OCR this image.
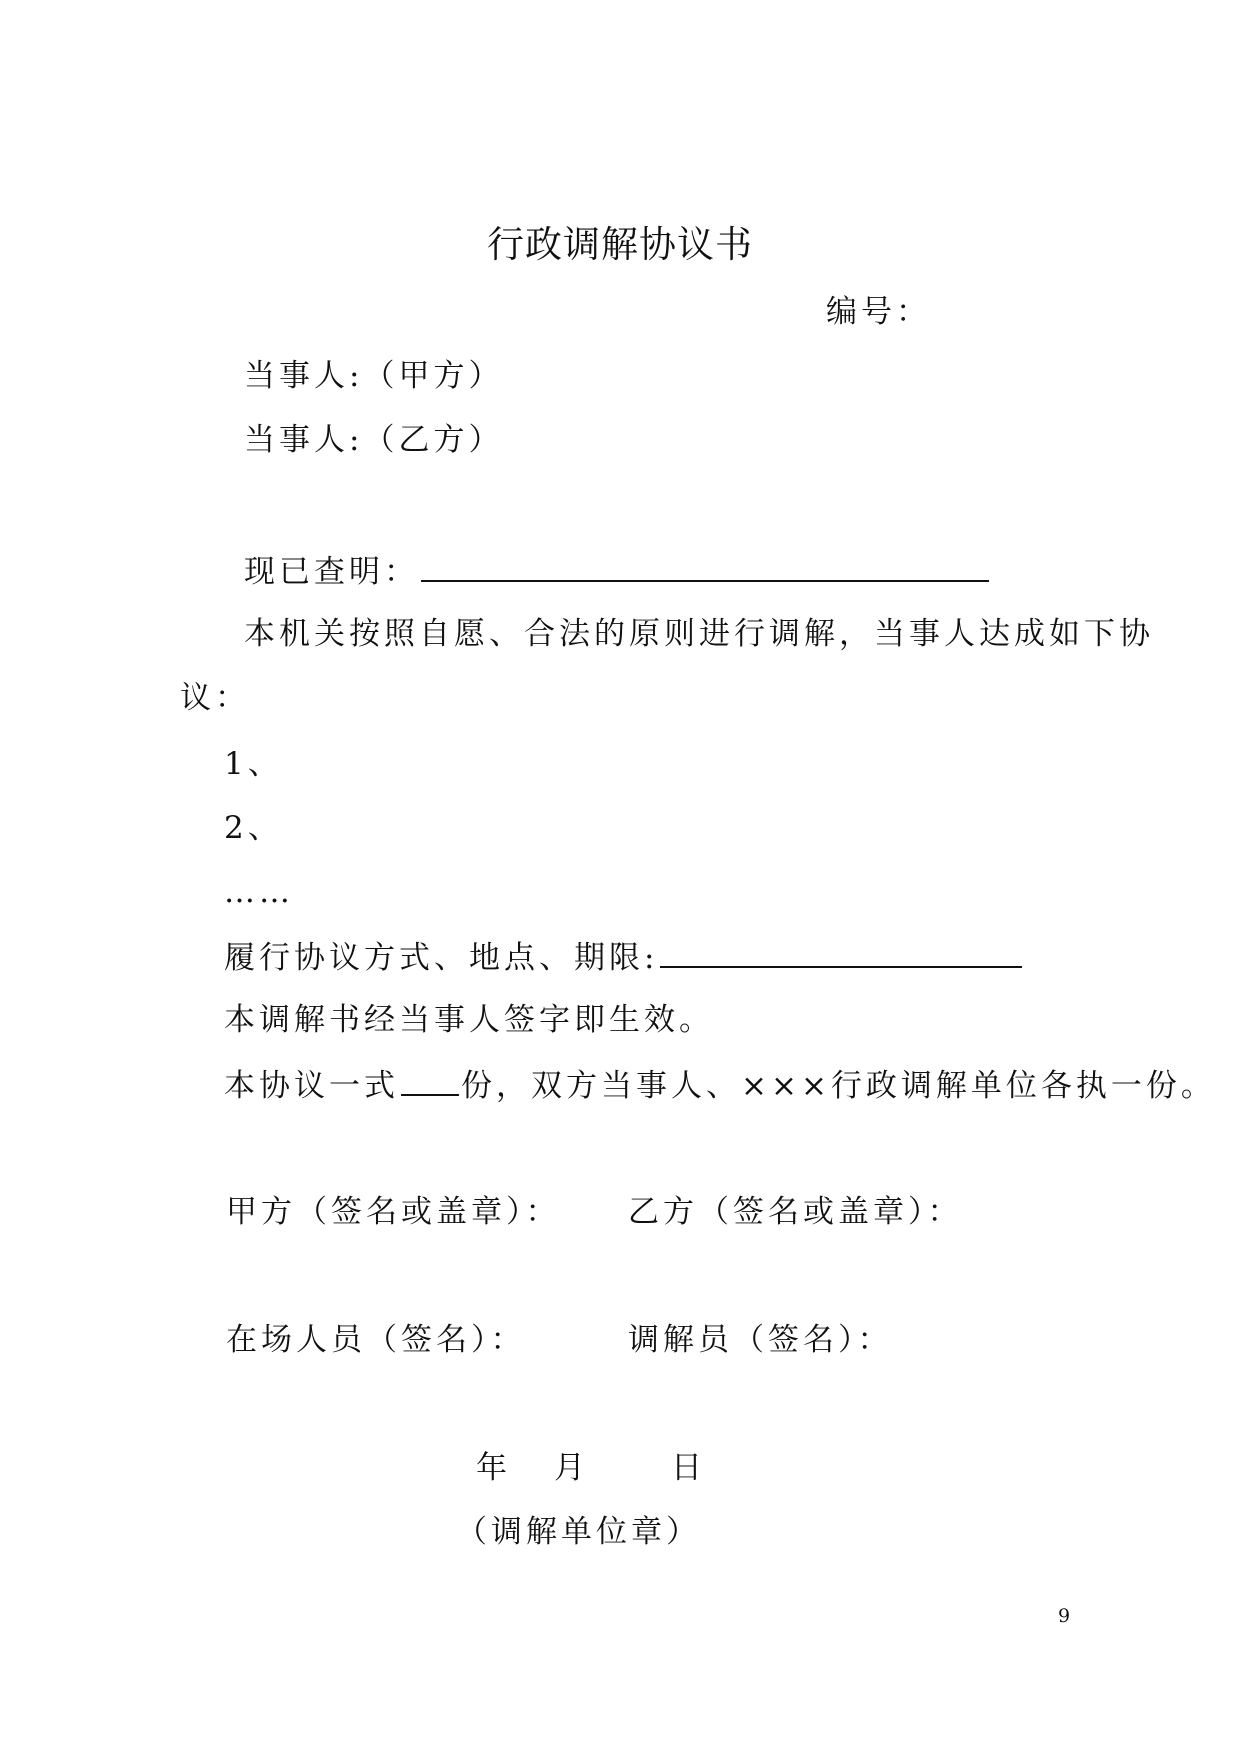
行政调解协议书
编号：
当事人:（甲方）
当事人:（乙方）
现已查明：
本机关按照自愿、合法的原则进行调解，当事人达成如下协
议：
1、
2、
……
履行协议方式、地点、期限:
本调解书经当事人签字即生效。
本协议一式 份，双方当事人、×××行政调解单位各执一份。
甲方（签名或盖章）： 乙方（签名或盖章）：
在场人员（签名）：	调解员（签名）：
年　月　　日
（调解单位章）
9
